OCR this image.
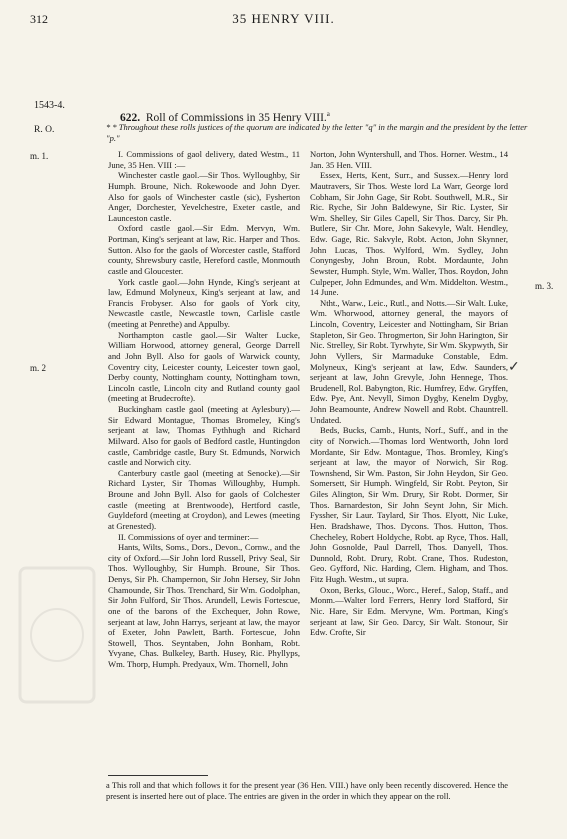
312	35 HENRY VIII.
1543-4.
622. Roll of Commissions in 35 Henry VIII.$^a$
R. O.	* * Throughout these rolls justices of the quorum are indicated by the letter "q" in the margin and the president by the letter "p."
m. 1.
m. 2
m. 3.
✓

I. Commissions of gaol delivery, dated Westm., 11 June, 35 Hen. VIII :—

Winchester castle gaol.—Sir Thos. Wylloughby, Sir Humph. Broune, Nich. Rokewoode and John Dyer. Also for gaols of Winchester castle (sic), Fysherton Anger, Dorchester, Yevelchestre, Exeter castle, and Launceston castle.

Oxford castle gaol.—Sir Edm. Mervyn, Wm. Portman, King's serjeant at law, Ric. Harper and Thos. Sutton. Also for the gaols of Worcester castle, Stafford county, Shrewsbury castle, Hereford castle, Monmouth castle and Gloucester.

York castle gaol.—John Hynde, King's serjeant at law, Edmund Molyneux, King's serjeant at law, and Francis Frobyser. Also for gaols of York city, Newcastle castle, Newcastle town, Carlisle castle (meeting at Penrethe) and Appulby.

Northampton castle gaol.—Sir Walter Lucke, William Horwood, attorney general, George Darrell and John Byll. Also for gaols of Warwick county, Coventry city, Leicester county, Leicester town gaol, Derby county, Nottingham county, Nottingham town, Lincoln castle, Lincoln city and Rutland county gaol (meeting at Brudecrofte).

Buckingham castle gaol (meeting at Aylesbury).—Sir Edward Montague, Thomas Bromeley, King's serjeant at law, Thomas Fythhugh and Richard Milward. Also for gaols of Bedford castle, Huntingdon castle, Cambridge castle, Bury St. Edmunds, Norwich castle and Norwich city.

Canterbury castle gaol (meeting at Senocke).—Sir Richard Lyster, Sir Thomas Willoughby, Humph. Broune and John Byll. Also for gaols of Colchester castle (meeting at Brentwoode), Hertford castle, Guyldeford (meeting at Croydon), and Lewes (meeting at Grenested).

II. Commissions of oyer and terminer:—

Hants, Wilts, Soms., Dors., Devon., Cornw., and the city of Oxford.—Sir John lord Russell, Privy Seal, Sir Thos. Wylloughby, Sir Humph. Broune, Sir Thos. Denys, Sir Ph. Champernon, Sir John Hersey, Sir John Chamounde, Sir Thos. Trenchard, Sir Wm. Godolphan, Sir John Fulford, Sir Thos. Arundell, Lewis Fortescue, one of the barons of the Exchequer, John Rowe, serjeant at law, John Harrys, serjeant at law, the mayor of Exeter, John Pawlett, Barth. Fortescue, John Stowell, Thos. Seyntaben, John Bonham, Robt. Yvyane, Chas. Bulkeley, Barth. Husey, Ric. Phyllyps, Wm. Thorp, Humph. Predyaux, Wm. Thornell, John

Norton, John Wyntershull, and Thos. Horner. Westm., 14 Jan. 35 Hen. VIII.

Essex, Herts, Kent, Surr., and Sussex.—Henry lord Mautravers, Sir Thos. Weste lord La Warr, George lord Cobham, Sir John Gage, Sir Robt. Southwell, M.R., Sir Ric. Ryche, Sir John Baldewyne, Sir Ric. Lyster, Sir Wm. Shelley, Sir Giles Capell, Sir Thos. Darcy, Sir Ph. Butlere, Sir Chr. More, John Sakevyle, Walt. Hendley, Edw. Gage, Ric. Sakvyle, Robt. Acton, John Skynner, John Lucas, Thos. Wylford, Wm. Sydley, John Conyngesby, John Broun, Robt. Mordaunte, John Sewster, Humph. Style, Wm. Waller, Thos. Roydon, John Culpeper, John Edmundes, and Wm. Middelton. Westm., 14 June.

Ntht., Warw., Leic., Rutl., and Notts.—Sir Walt. Luke, Wm. Whorwood, attorney general, the mayors of Lincoln, Coventry, Leicester and Nottingham, Sir Brian Stapleton, Sir Geo. Throgmerton, Sir John Harington, Sir Nic. Strelley, Sir Robt. Tyrwhyte, Sir Wm. Skypwyth, Sir John Vyllers, Sir Marmaduke Constable, Edm. Molyneux, King's serjeant at law, Edw. Saunders, serjeant at law, John Grevyle, John Hennege, Thos. Brudenell, Rol. Babyngton, Ric. Humfrey, Edw. Gryffen, Edw. Pye, Ant. Nevyll, Simon Dygby, Kenelm Dygby, John Beamounte, Andrew Nowell and Robt. Chauntrell. Undated.

Beds, Bucks, Camb., Hunts, Norf., Suff., and in the city of Norwich.—Thomas lord Wentworth, John lord Mordante, Sir Edw. Montague, Thos. Bromley, King's serjeant at law, the mayor of Norwich, Sir Rog. Townshend, Sir Wm. Paston, Sir John Heydon, Sir Geo. Somersett, Sir Humph. Wingfeld, Sir Robt. Peyton, Sir Giles Alington, Sir Wm. Drury, Sir Robt. Dormer, Sir Thos. Barnardeston, Sir John Seynt John, Sir Mich. Fyssher, Sir Laur. Taylard, Sir Thos. Elyott, Nic Luke, Hen. Bradshawe, Thos. Dycons. Thos. Hutton, Thos. Checheley, Robert Holdyche, Robt. ap Ryce, Thos. Hall, John Gosnolde, Paul Darrell, Thos. Danyell, Thos. Dunnold, Robt. Drury, Robt. Crane, Thos. Rudeston, Geo. Gyfford, Nic. Harding, Clem. Higham, and Thos. Fitz Hugh. Westm., ut supra.

Oxon, Berks, Glouc., Worc., Heref., Salop, Staff., and Monm.—Walter lord Ferrers, Henry lord Stafford, Sir Nic. Hare, Sir Edm. Mervyne, Wm. Portman, King's serjeant at law, Sir Geo. Darcy, Sir Walt. Stonour, Sir Edw. Crofte, Sir

a This roll and that which follows it for the present year (36 Hen. VIII.) have only been recently discovered. Hence the present is inserted here out of place. The entries are given in the order in which they appear on the roll.
